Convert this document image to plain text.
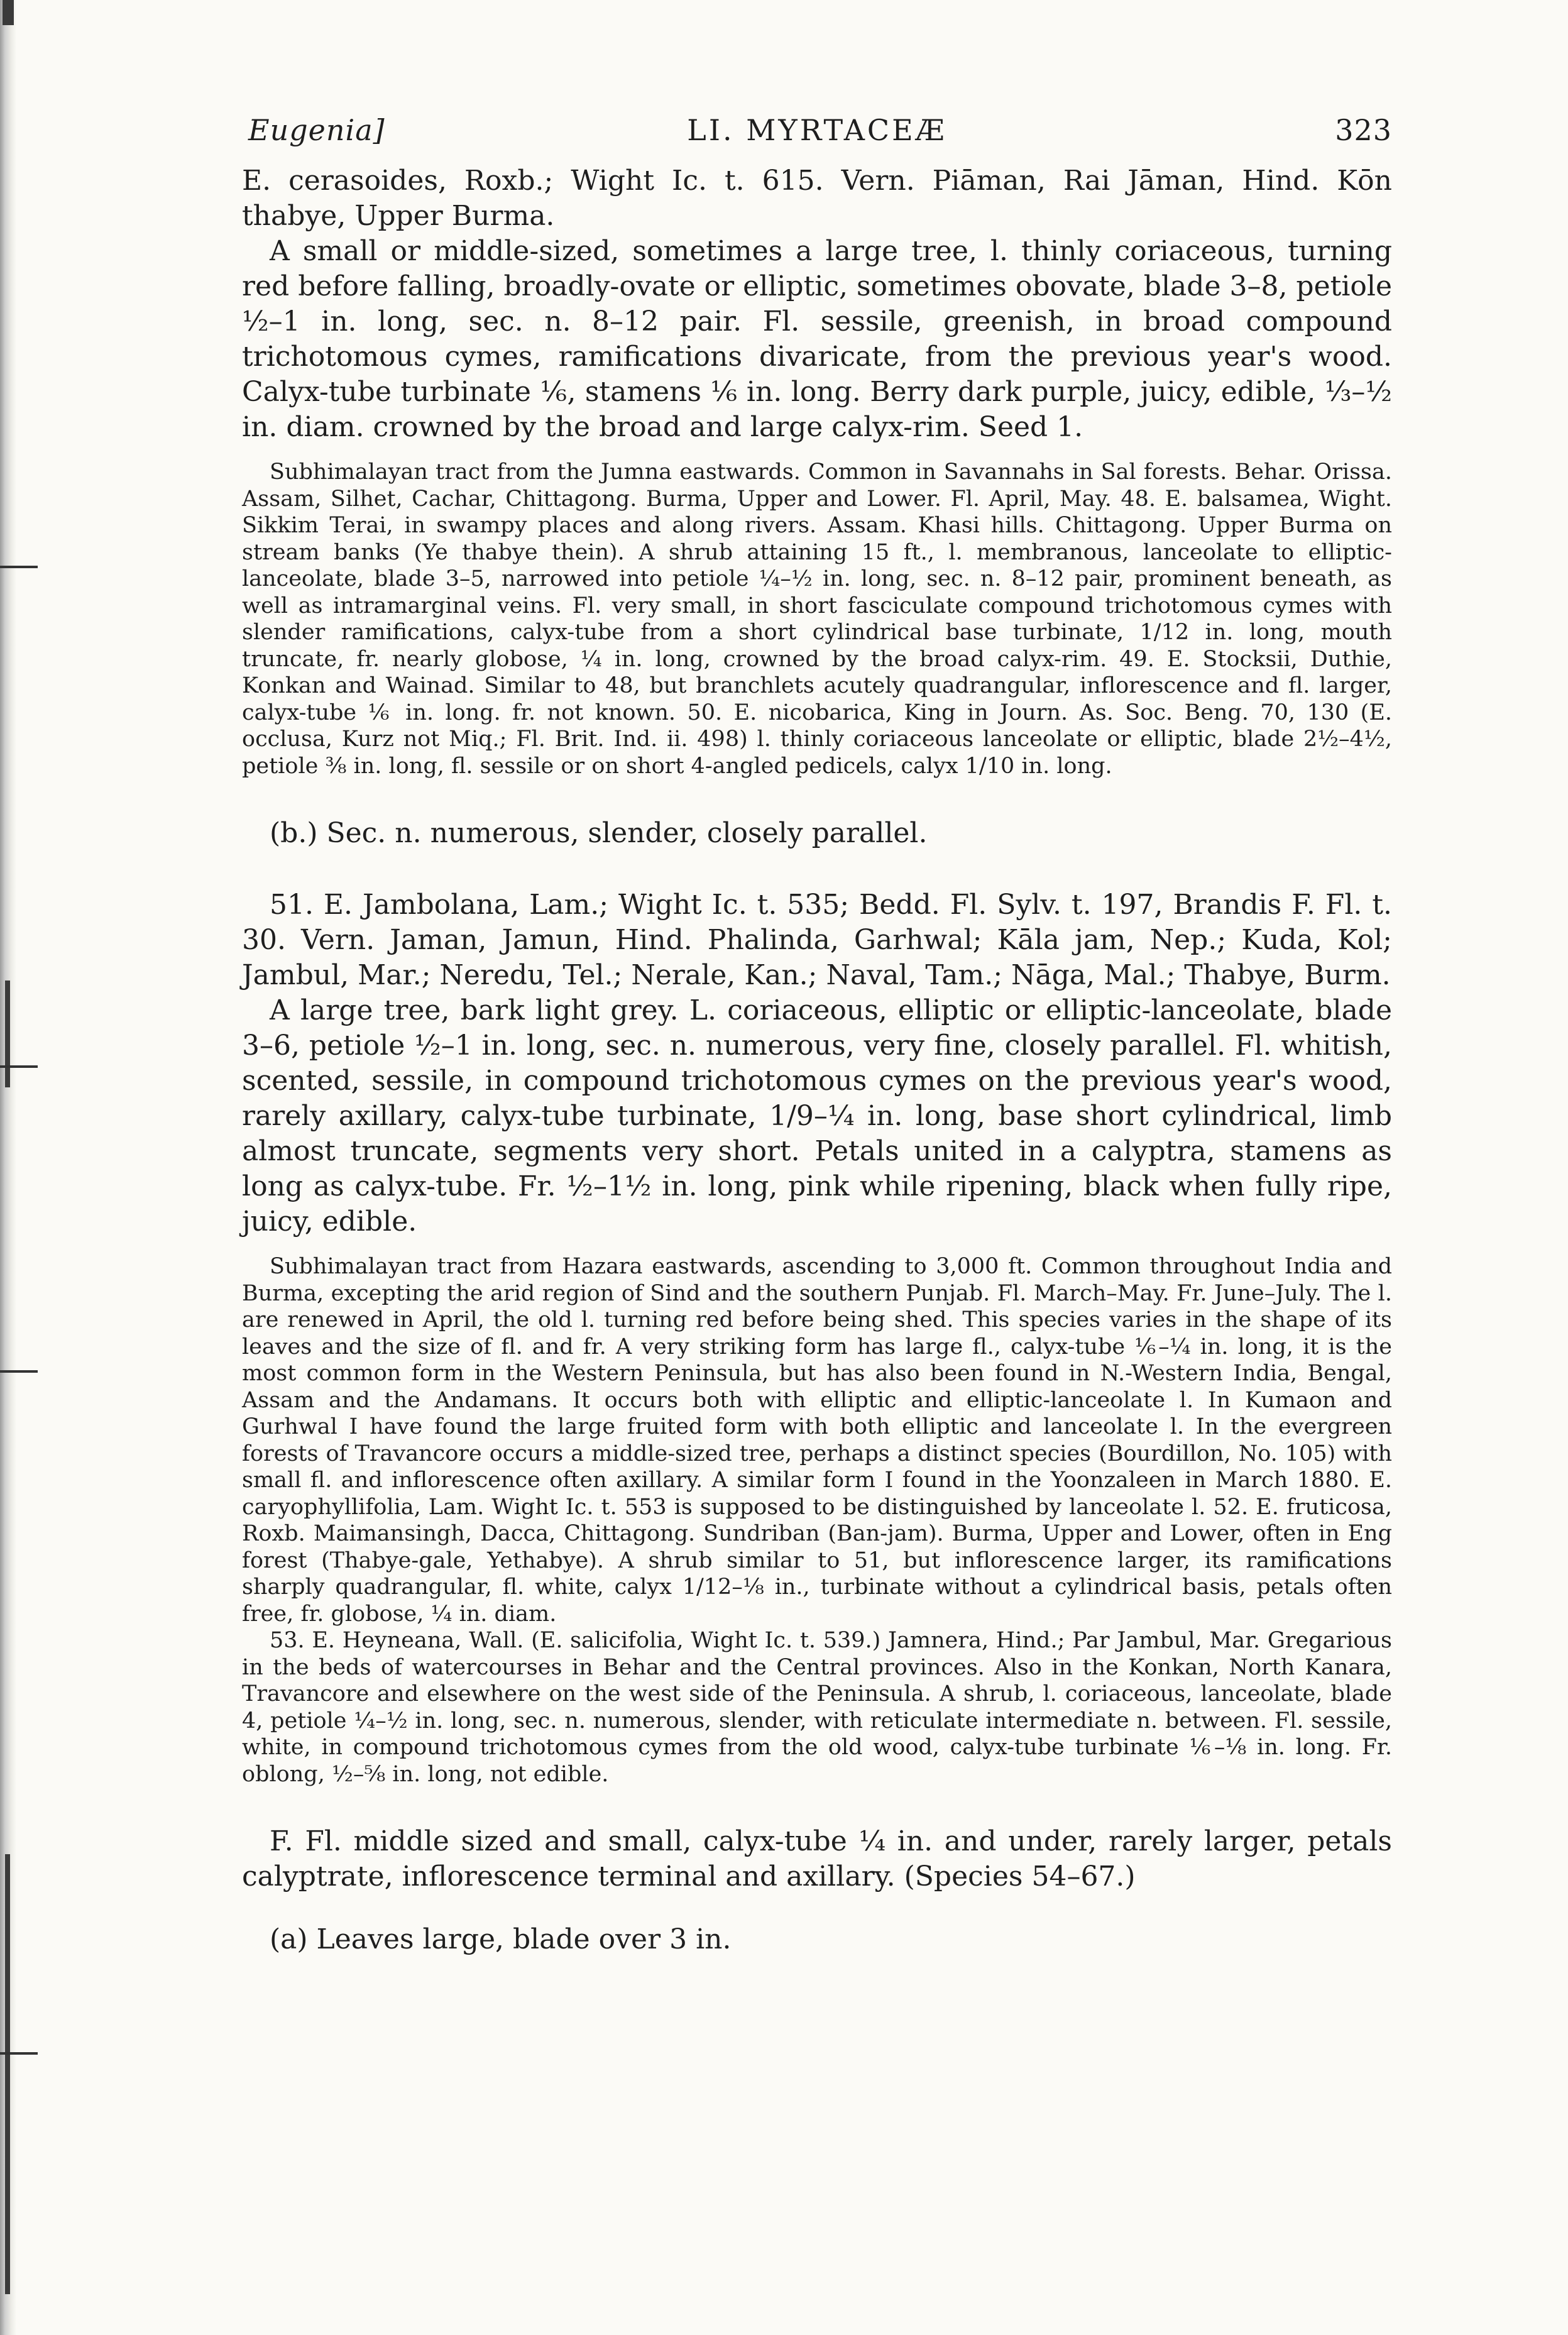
Eugenia]	LI. MYRTACEÆ	323

E. cerasoides, Roxb.; Wight Ic. t. 615. Vern. Piāman, Rai Jāman, Hind. Kōn thabye, Upper Burma.

A small or middle-sized, sometimes a large tree, l. thinly coriaceous, turning red before falling, broadly-ovate or elliptic, sometimes obovate, blade 3–8, petiole ½–1 in. long, sec. n. 8–12 pair. Fl. sessile, greenish, in broad compound trichotomous cymes, ramifications divaricate, from the previous year's wood. Calyx-tube turbinate ⅙, stamens ⅙ in. long. Berry dark purple, juicy, edible, ⅓–½ in. diam. crowned by the broad and large calyx-rim. Seed 1.

Subhimalayan tract from the Jumna eastwards. Common in Savannahs in Sal forests. Behar. Orissa. Assam, Silhet, Cachar, Chittagong. Burma, Upper and Lower. Fl. April, May. 48. E. balsamea, Wight. Sikkim Terai, in swampy places and along rivers. Assam. Khasi hills. Chittagong. Upper Burma on stream banks (Ye thabye thein). A shrub attaining 15 ft., l. membranous, lanceolate to elliptic-lanceolate, blade 3–5, narrowed into petiole ¼–½ in. long, sec. n. 8–12 pair, prominent beneath, as well as intramarginal veins. Fl. very small, in short fasciculate compound trichotomous cymes with slender ramifications, calyx-tube from a short cylindrical base turbinate, 1/12 in. long, mouth truncate, fr. nearly globose, ¼ in. long, crowned by the broad calyx-rim. 49. E. Stocksii, Duthie, Konkan and Wainad. Similar to 48, but branchlets acutely quadrangular, inflorescence and fl. larger, calyx-tube ⅙ in. long. fr. not known. 50. E. nicobarica, King in Journ. As. Soc. Beng. 70, 130 (E. occlusa, Kurz not Miq.; Fl. Brit. Ind. ii. 498) l. thinly coriaceous lanceolate or elliptic, blade 2½–4½, petiole ⅜ in. long, fl. sessile or on short 4-angled pedicels, calyx 1/10 in. long.

(b.) Sec. n. numerous, slender, closely parallel.

51. E. Jambolana, Lam.; Wight Ic. t. 535; Bedd. Fl. Sylv. t. 197, Brandis F. Fl. t. 30. Vern. Jaman, Jamun, Hind. Phalinda, Garhwal; Kāla jam, Nep.; Kuda, Kol; Jambul, Mar.; Neredu, Tel.; Nerale, Kan.; Naval, Tam.; Nāga, Mal.; Thabye, Burm.

A large tree, bark light grey. L. coriaceous, elliptic or elliptic-lanceolate, blade 3–6, petiole ½–1 in. long, sec. n. numerous, very fine, closely parallel. Fl. whitish, scented, sessile, in compound trichotomous cymes on the previous year's wood, rarely axillary, calyx-tube turbinate, 1/9–¼ in. long, base short cylindrical, limb almost truncate, segments very short. Petals united in a calyptra, stamens as long as calyx-tube. Fr. ½–1½ in. long, pink while ripening, black when fully ripe, juicy, edible.

Subhimalayan tract from Hazara eastwards, ascending to 3,000 ft. Common throughout India and Burma, excepting the arid region of Sind and the southern Punjab. Fl. March–May. Fr. June–July. The l. are renewed in April, the old l. turning red before being shed. This species varies in the shape of its leaves and the size of fl. and fr. A very striking form has large fl., calyx-tube ⅙–¼ in. long, it is the most common form in the Western Peninsula, but has also been found in N.-Western India, Bengal, Assam and the Andamans. It occurs both with elliptic and elliptic-lanceolate l. In Kumaon and Gurhwal I have found the large fruited form with both elliptic and lanceolate l. In the evergreen forests of Travancore occurs a middle-sized tree, perhaps a distinct species (Bourdillon, No. 105) with small fl. and inflorescence often axillary. A similar form I found in the Yoonzaleen in March 1880. E. caryophyllifolia, Lam. Wight Ic. t. 553 is supposed to be distinguished by lanceolate l. 52. E. fruticosa, Roxb. Maimansingh, Dacca, Chittagong. Sundriban (Ban-jam). Burma, Upper and Lower, often in Eng forest (Thabye-gale, Yethabye). A shrub similar to 51, but inflorescence larger, its ramifications sharply quadrangular, fl. white, calyx 1/12–⅛ in., turbinate without a cylindrical basis, petals often free, fr. globose, ¼ in. diam.

53. E. Heyneana, Wall. (E. salicifolia, Wight Ic. t. 539.) Jamnera, Hind.; Par Jambul, Mar. Gregarious in the beds of watercourses in Behar and the Central provinces. Also in the Konkan, North Kanara, Travancore and elsewhere on the west side of the Peninsula. A shrub, l. coriaceous, lanceolate, blade 4, petiole ¼–½ in. long, sec. n. numerous, slender, with reticulate intermediate n. between. Fl. sessile, white, in compound trichotomous cymes from the old wood, calyx-tube turbinate ⅙–⅛ in. long. Fr. oblong, ½–⅝ in. long, not edible.

F. Fl. middle sized and small, calyx-tube ¼ in. and under, rarely larger, petals calyptrate, inflorescence terminal and axillary. (Species 54–67.)

(a) Leaves large, blade over 3 in.
